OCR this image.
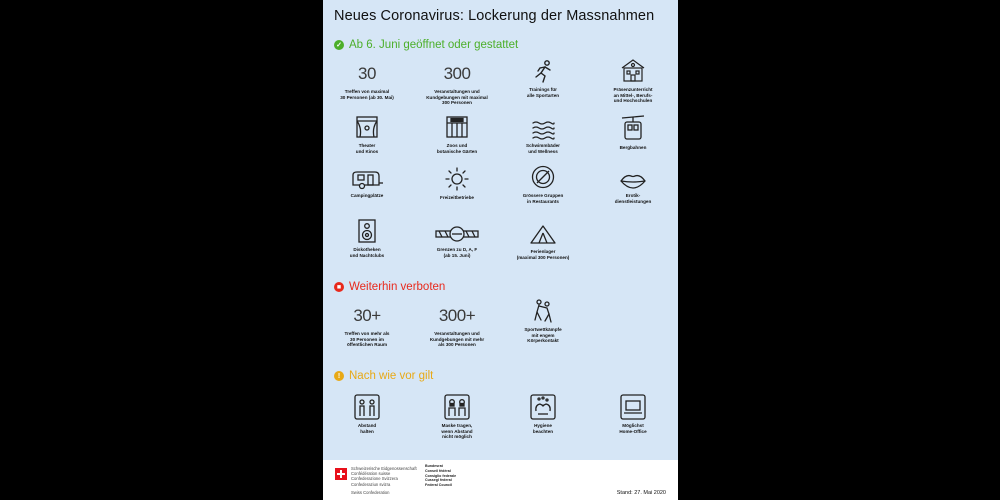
Neues Coronavirus: Lockerung der Massnahmen
✓ Ab 6. Juni geöffnet oder gestattet
30
Treffen von maximal
30 Personen (ab 30. Mai)
300
Veranstaltungen und
Kundgebungen mit maximal
300 Personen
Trainings für
alle Sportarten
Präsenzunterricht
an Mittel-, Berufs-
und Hochschulen
Theater
und Kinos
Zoos und
botanische Gärten
Schwimmbäder
und Wellness
Bergbahnen
Campingplätze	Freizeitbetriebe	Grössere Gruppen
in Restaurants
Erotik-
dienstleistungen
Diskotheken
und Nachtclubs
Grenzen zu D, A, F
(ab 15. Juni)
Ferienlager
(maximal 300 Personen)
■ Weiterhin verboten
30+
Treffen von mehr als
30 Personen im
öffentlichen Raum
300+
Veranstaltungen und
Kundgebungen mit mehr
als 300 Personen
Sportwettkämpfe
mit engem
Körperkontakt
! Nach wie vor gilt
Abstand
halten
Maske tragen,
wenn Abstand
nicht möglich
Hygiene
beachten
Möglichst
Home-Office
Schweizerische Eidgenossenschaft
Confédération suisse
Confederazione Svizzera
Confederaziun svizra
Swiss Confederation
Bundesrat
Conseil fédéral
Consiglio federale
Cussegl federal
Federal Council
Stand: 27. Mai 2020
